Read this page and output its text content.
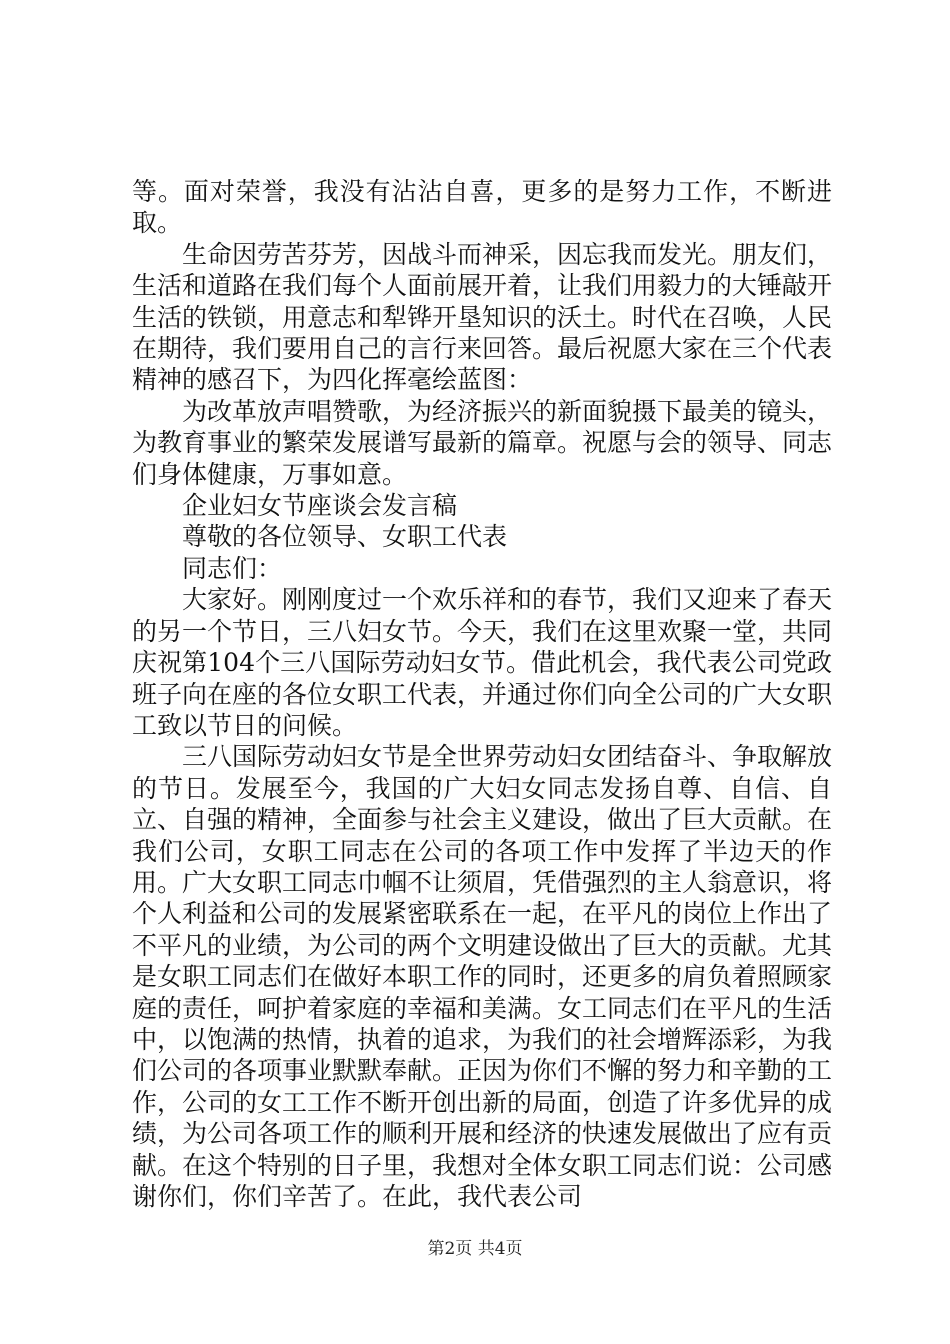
等。面对荣誉，我没有沾沾自喜，更多的是努力工作，不断进取。

生命因劳苦芬芳，因战斗而神采，因忘我而发光。朋友们，生活和道路在我们每个人面前展开着，让我们用毅力的大锤敲开生活的铁锁，用意志和犁铧开垦知识的沃土。时代在召唤，人民在期待，我们要用自己的言行来回答。最后祝愿大家在三个代表精神的感召下，为四化挥毫绘蓝图：

为改革放声唱赞歌，为经济振兴的新面貌摄下最美的镜头，为教育事业的繁荣发展谱写最新的篇章。祝愿与会的领导、同志们身体健康，万事如意。

企业妇女节座谈会发言稿

尊敬的各位领导、女职工代表

同志们：

大家好。刚刚度过一个欢乐祥和的春节，我们又迎来了春天的另一个节日，三八妇女节。今天，我们在这里欢聚一堂，共同庆祝第104个三八国际劳动妇女节。借此机会，我代表公司党政班子向在座的各位女职工代表，并通过你们向全公司的广大女职工致以节日的问候。

三八国际劳动妇女节是全世界劳动妇女团结奋斗、争取解放的节日。发展至今，我国的广大妇女同志发扬自尊、自信、自立、自强的精神，全面参与社会主义建设，做出了巨大贡献。在我们公司，女职工同志在公司的各项工作中发挥了半边天的作用。广大女职工同志巾帼不让须眉，凭借强烈的主人翁意识，将个人利益和公司的发展紧密联系在一起，在平凡的岗位上作出了不平凡的业绩，为公司的两个文明建设做出了巨大的贡献。尤其是女职工同志们在做好本职工作的同时，还更多的肩负着照顾家庭的责任，呵护着家庭的幸福和美满。女工同志们在平凡的生活中，以饱满的热情，执着的追求，为我们的社会增辉添彩，为我们公司的各项事业默默奉献。正因为你们不懈的努力和辛勤的工作，公司的女工工作不断开创出新的局面，创造了许多优异的成绩，为公司各项工作的顺利开展和经济的快速发展做出了应有贡献。在这个特别的日子里，我想对全体女职工同志们说：公司感谢你们，你们辛苦了。在此，我代表公司

第2页 共4页
